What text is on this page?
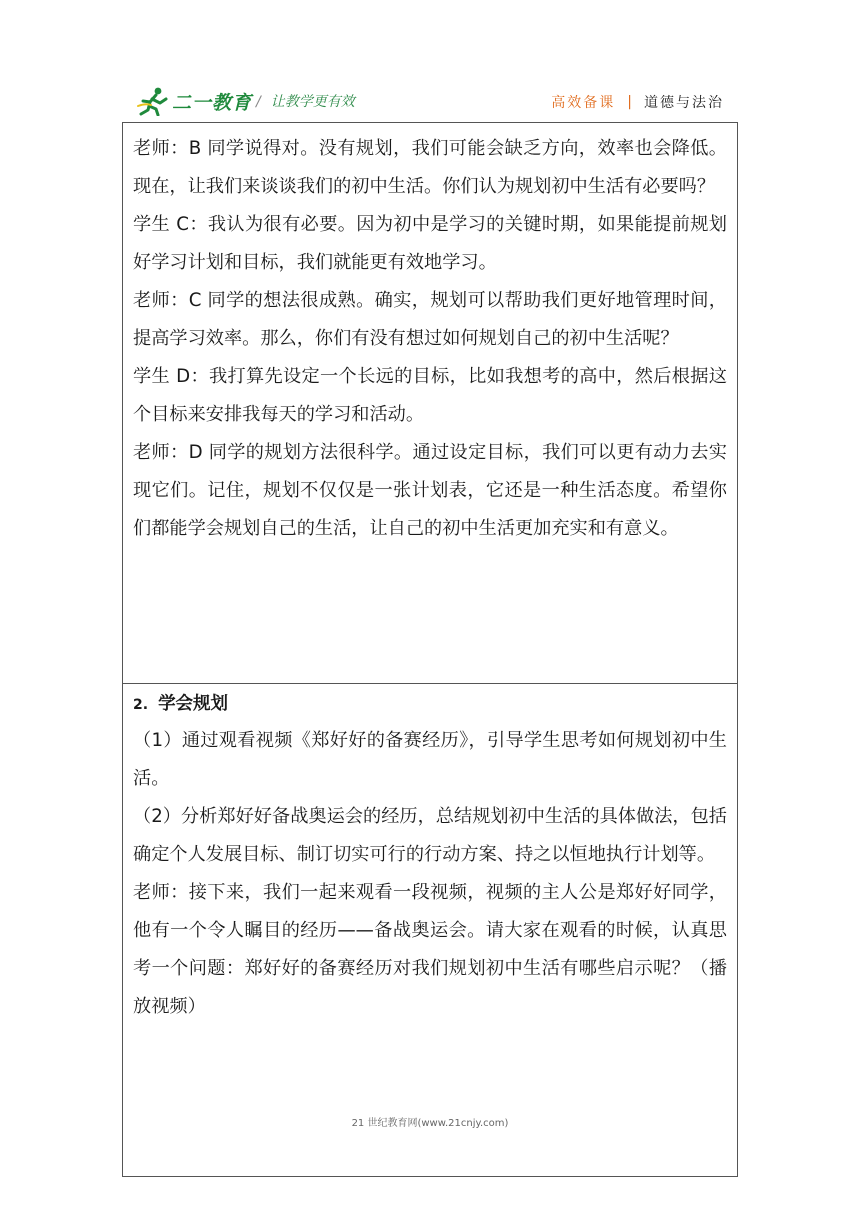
二一教育 / 让教学更有效	高效备课 | 道德与法治

老师：B 同学说得对。没有规划，我们可能会缺乏方向，效率也会降低。现在，让我们来谈谈我们的初中生活。你们认为规划初中生活有必要吗？

学生 C：我认为很有必要。因为初中是学习的关键时期，如果能提前规划好学习计划和目标，我们就能更有效地学习。

老师：C 同学的想法很成熟。确实，规划可以帮助我们更好地管理时间，提高学习效率。那么，你们有没有想过如何规划自己的初中生活呢？

学生 D：我打算先设定一个长远的目标，比如我想考的高中，然后根据这个目标来安排我每天的学习和活动。

老师：D 同学的规划方法很科学。通过设定目标，我们可以更有动力去实现它们。记住，规划不仅仅是一张计划表，它还是一种生活态度。希望你们都能学会规划自己的生活，让自己的初中生活更加充实和有意义。

2. 学会规划

（1）通过观看视频《郑好好的备赛经历》，引导学生思考如何规划初中生活。

（2）分析郑好好备战奥运会的经历，总结规划初中生活的具体做法，包括确定个人发展目标、制订切实可行的行动方案、持之以恒地执行计划等。

老师：接下来，我们一起来观看一段视频，视频的主人公是郑好好同学，他有一个令人瞩目的经历——备战奥运会。请大家在观看的时候，认真思考一个问题：郑好好的备赛经历对我们规划初中生活有哪些启示呢？（播放视频）

21 世纪教育网(www.21cnjy.com)
